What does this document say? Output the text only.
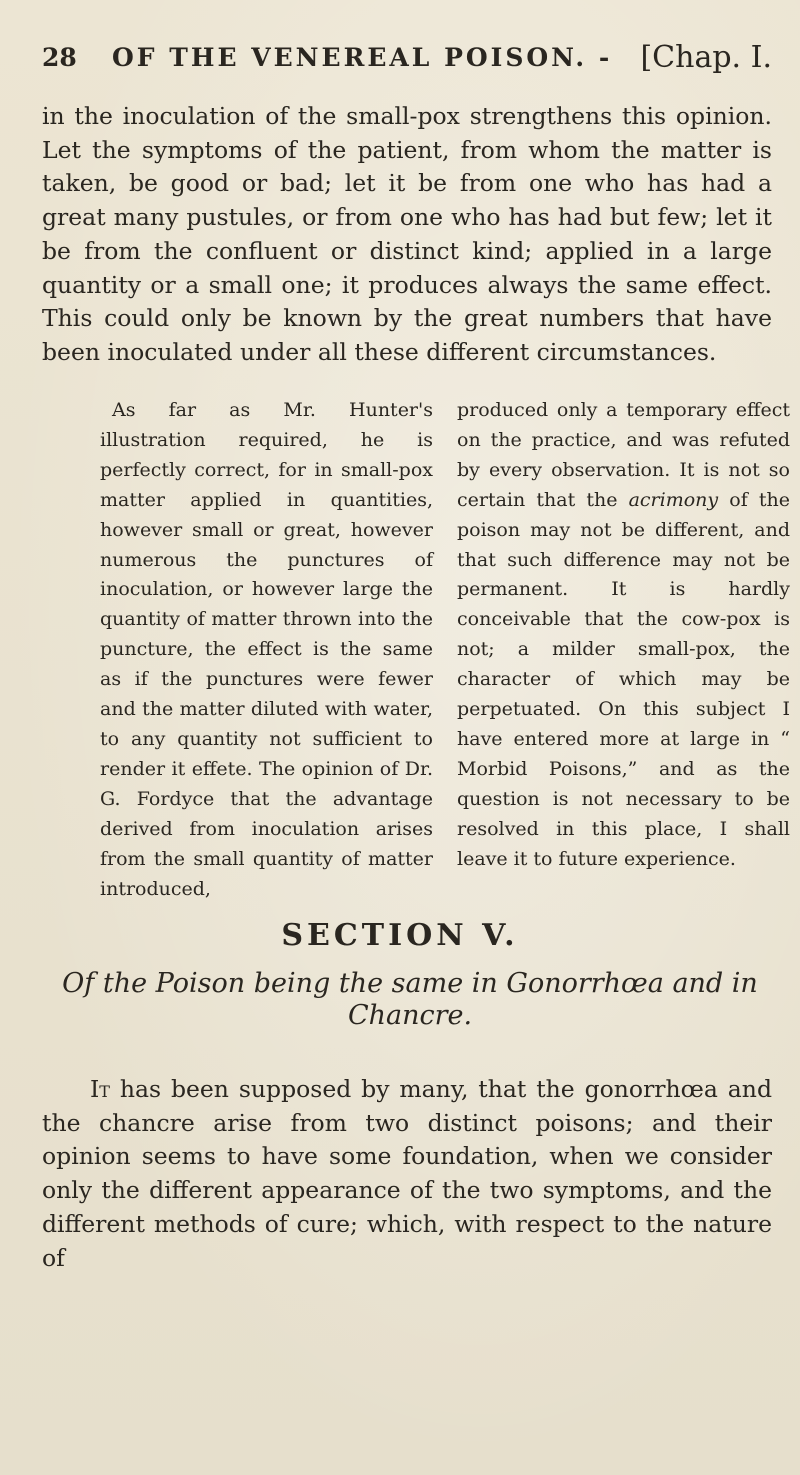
28 OF THE VENEREAL POISON. - [Chap. I.

in the inoculation of the small-pox strengthens this opinion. Let the symptoms of the patient, from whom the matter is taken, be good or bad; let it be from one who has had a great many pustules, or from one who has had but few; let it be from the confluent or distinct kind; applied in a large quantity or a small one; it produces always the same effect. This could only be known by the great numbers that have been inoculated under all these different circumstances.

As far as Mr. Hunter's illustration required, he is perfectly correct, for in small-pox matter applied in quantities, however small or great, however numerous the punctures of inoculation, or however large the quantity of matter thrown into the puncture, the effect is the same as if the punctures were fewer and the matter diluted with water, to any quantity not sufficient to render it effete. The opinion of Dr. G. Fordyce that the advantage derived from inoculation arises from the small quantity of matter introduced,

produced only a temporary effect on the practice, and was refuted by every observation. It is not so certain that the acrimony of the poison may not be different, and that such difference may not be permanent. It is hardly conceivable that the cow-pox is not; a milder small-pox, the character of which may be perpetuated. On this subject I have entered more at large in “ Morbid Poisons,” and as the question is not necessary to be resolved in this place, I shall leave it to future experience.

SECTION V.
Of the Poison being the same in Gonorrhœa and in
Chancre.

It has been supposed by many, that the gonorrhœa and the chancre arise from two distinct poisons; and their opinion seems to have some foundation, when we consider only the different appearance of the two symptoms, and the different methods of cure; which, with respect to the nature of
